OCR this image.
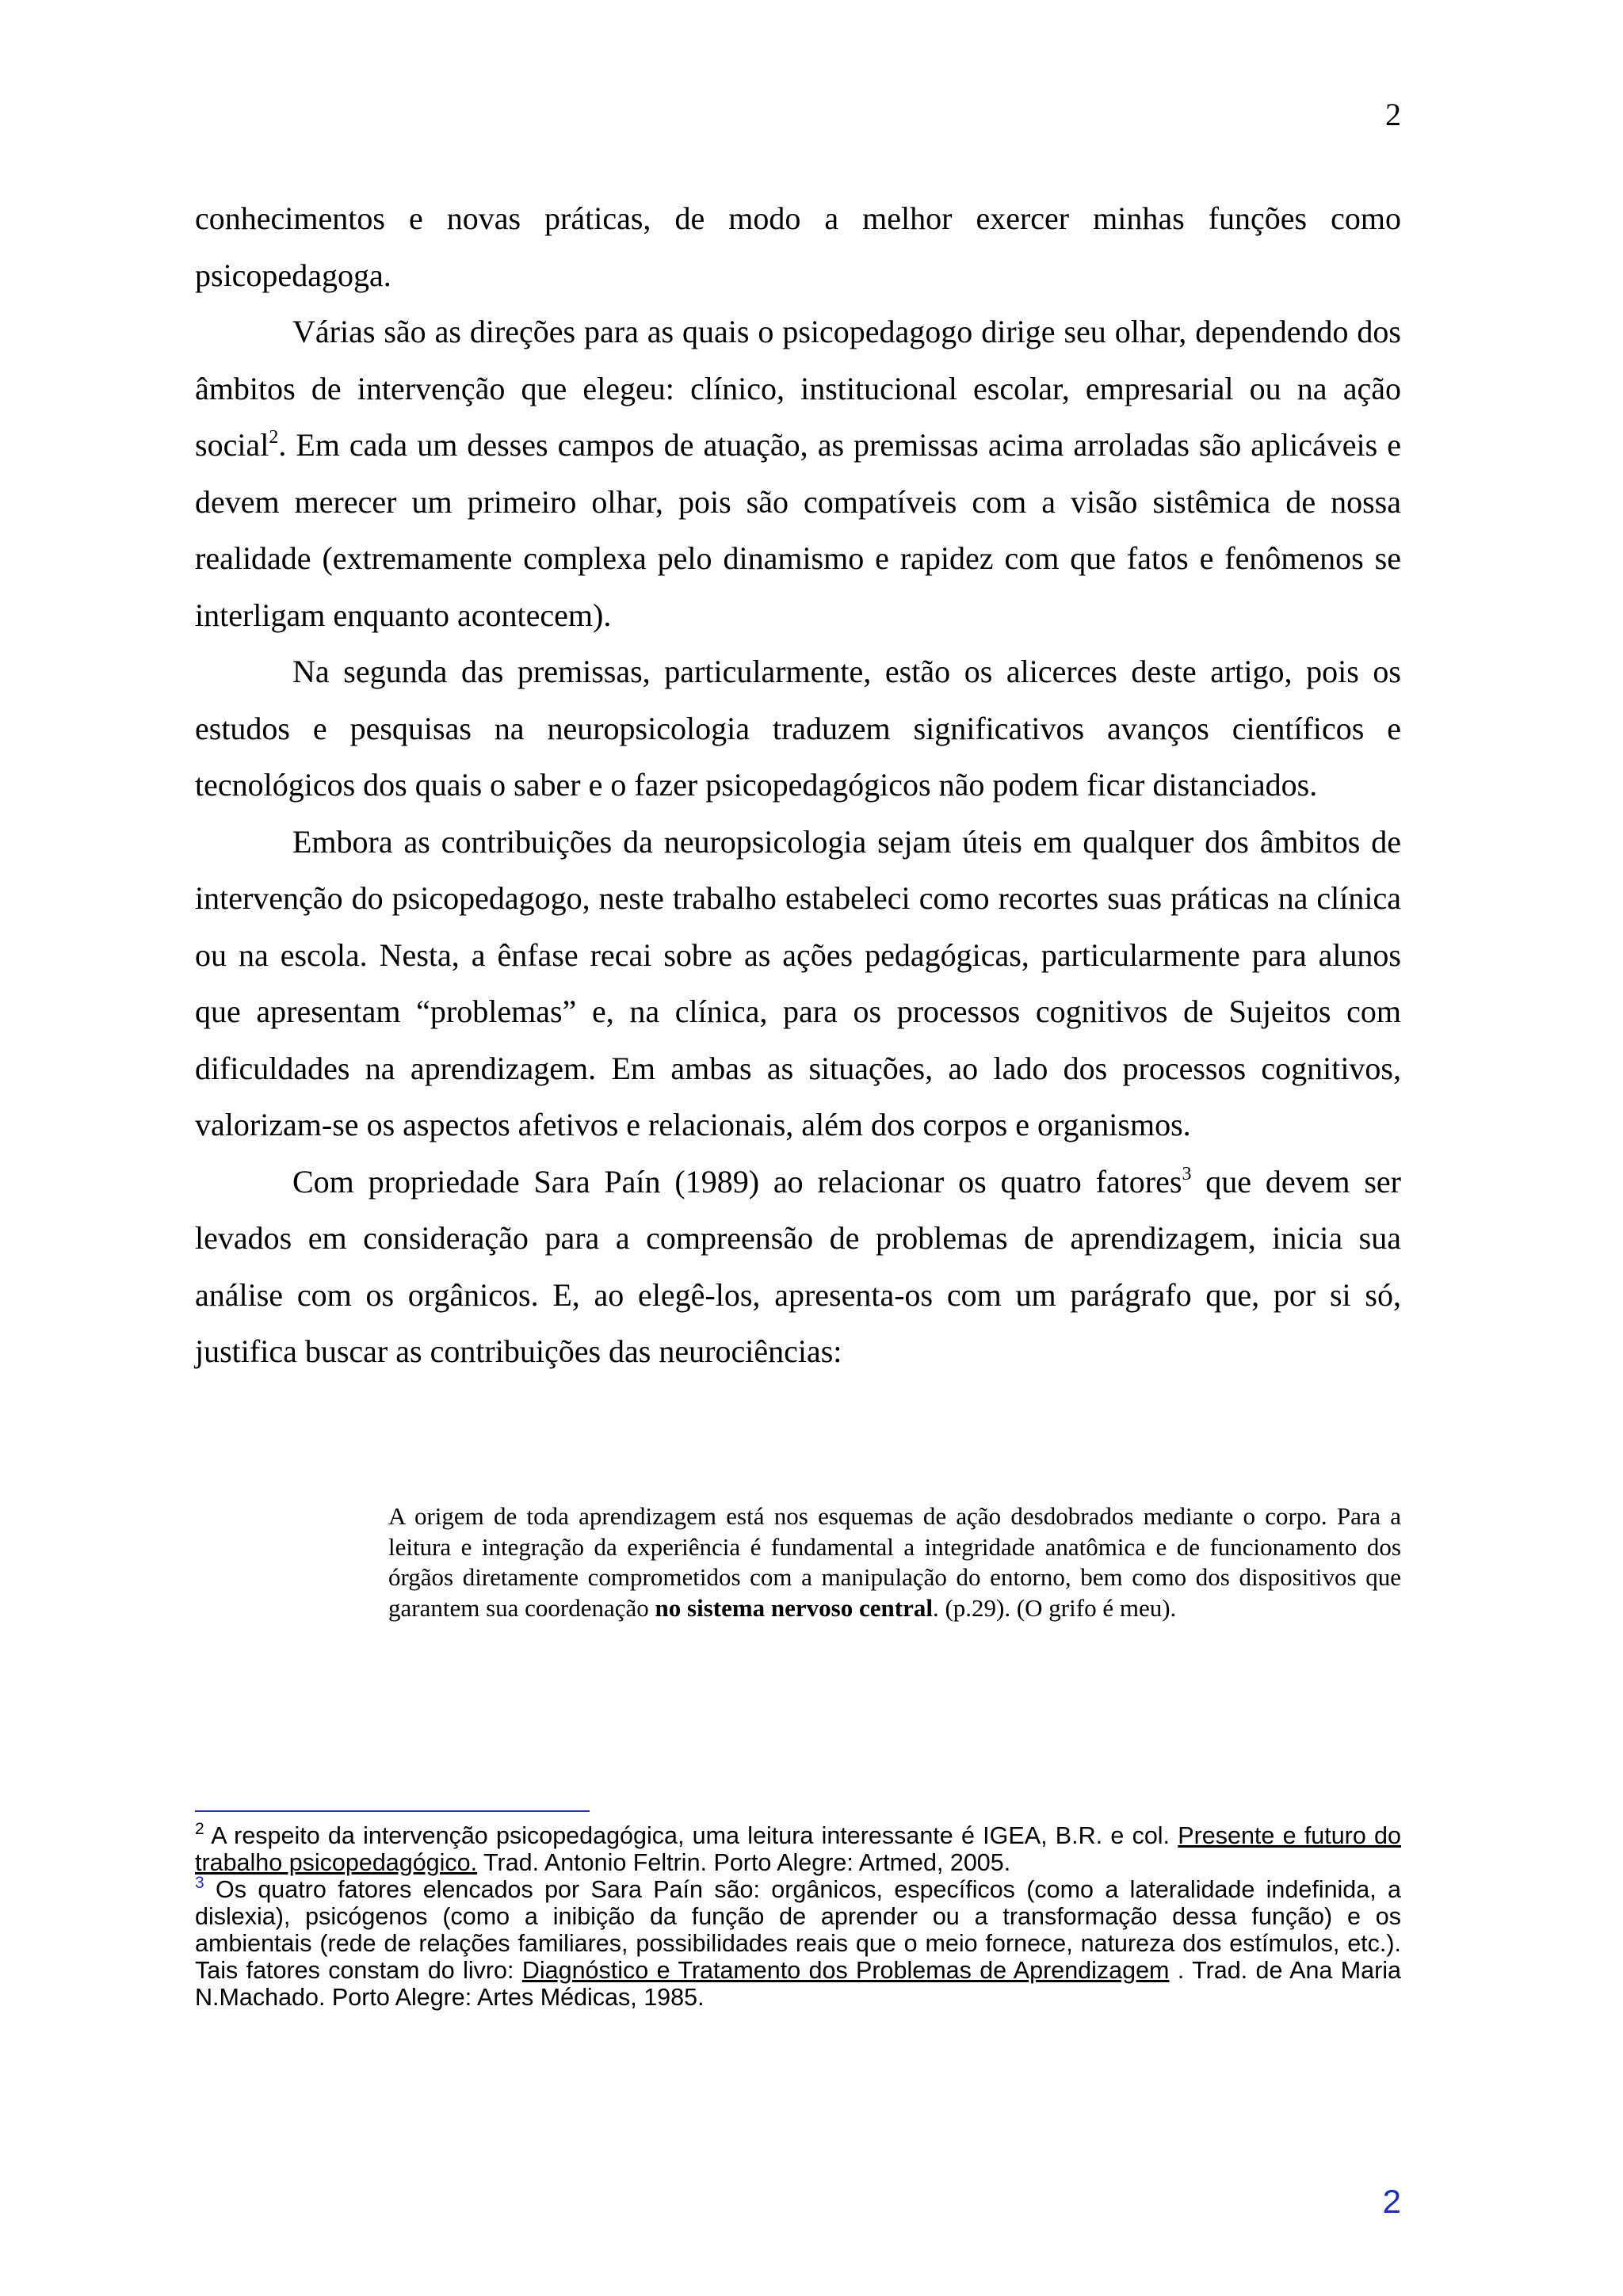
2

conhecimentos e novas práticas, de modo a melhor exercer minhas funções como psicopedagoga.

Várias são as direções para as quais o psicopedagogo dirige seu olhar, dependendo dos âmbitos de intervenção que elegeu: clínico, institucional escolar, empresarial ou na ação social$^2$. Em cada um desses campos de atuação, as premissas acima arroladas são aplicáveis e devem merecer um primeiro olhar, pois são compatíveis com a visão sistêmica de nossa realidade (extremamente complexa pelo dinamismo e rapidez com que fatos e fenômenos se interligam enquanto acontecem).

Na segunda das premissas, particularmente, estão os alicerces deste artigo, pois os estudos e pesquisas na neuropsicologia traduzem significativos avanços científicos e tecnológicos dos quais o saber e o fazer psicopedagógicos não podem ficar distanciados.

Embora as contribuições da neuropsicologia sejam úteis em qualquer dos âmbitos de intervenção do psicopedagogo, neste trabalho estabeleci como recortes suas práticas na clínica ou na escola. Nesta, a ênfase recai sobre as ações pedagógicas, particularmente para alunos que apresentam “problemas” e, na clínica, para os processos cognitivos de Sujeitos com dificuldades na aprendizagem. Em ambas as situações, ao lado dos processos cognitivos, valorizam-se os aspectos afetivos e relacionais, além dos corpos e organismos.

Com propriedade Sara Paín (1989) ao relacionar os quatro fatores$^3$ que devem ser levados em consideração para a compreensão de problemas de aprendizagem, inicia sua análise com os orgânicos. E, ao elegê-los, apresenta-os com um parágrafo que, por si só, justifica buscar as contribuições das neurociências:

A origem de toda aprendizagem está nos esquemas de ação desdobrados mediante o corpo. Para a leitura e integração da experiência é fundamental a integridade anatômica e de funcionamento dos órgãos diretamente comprometidos com a manipulação do entorno, bem como dos dispositivos que garantem sua coordenação no sistema nervoso central. (p.29). (O grifo é meu).

$^2$ A respeito da intervenção psicopedagógica, uma leitura interessante é IGEA, B.R. e col. Presente e futuro do trabalho psicopedagógico. Trad. Antonio Feltrin. Porto Alegre: Artmed, 2005.

$^3$ Os quatro fatores elencados por Sara Paín são: orgânicos, específicos (como a lateralidade indefinida, a dislexia), psicógenos (como a inibição da função de aprender ou a transformação dessa função) e os ambientais (rede de relações familiares, possibilidades reais que o meio fornece, natureza dos estímulos, etc.). Tais fatores constam do livro: Diagnóstico e Tratamento dos Problemas de Aprendizagem . Trad. de Ana Maria N.Machado. Porto Alegre: Artes Médicas, 1985.

2
